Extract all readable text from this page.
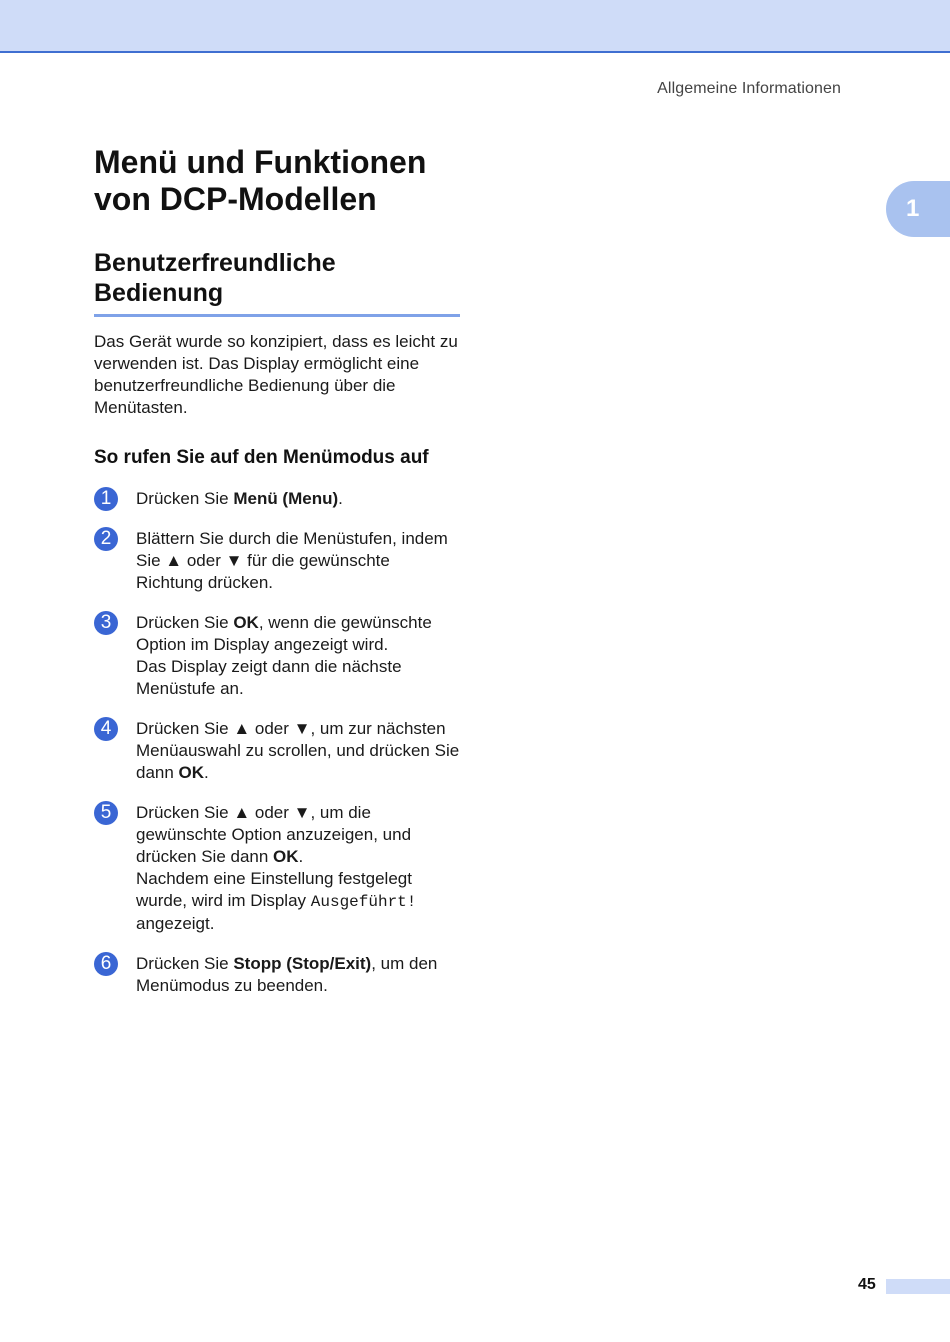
Allgemeine Informationen
1
Menü und Funktionen von DCP-Modellen
Benutzerfreundliche Bedienung

Das Gerät wurde so konzipiert, dass es leicht zu verwenden ist. Das Display ermöglicht eine benutzerfreundliche Bedienung über die Menütasten.

So rufen Sie auf den Menümodus auf
1	Drücken Sie Menü (Menu).
2	Blättern Sie durch die Menüstufen, indem Sie ▲ oder ▼ für die gewünschte Richtung drücken.
3	Drücken Sie OK, wenn die gewünschte Option im Display angezeigt wird.
Das Display zeigt dann die nächste Menüstufe an.
4	Drücken Sie ▲ oder ▼, um zur nächsten Menüauswahl zu scrollen, und drücken Sie dann OK.
5	Drücken Sie ▲ oder ▼, um die gewünschte Option anzuzeigen, und drücken Sie dann OK.
Nachdem eine Einstellung festgelegt wurde, wird im Display Ausgeführt! angezeigt.
6	Drücken Sie Stopp (Stop/Exit), um den Menümodus zu beenden.
45
